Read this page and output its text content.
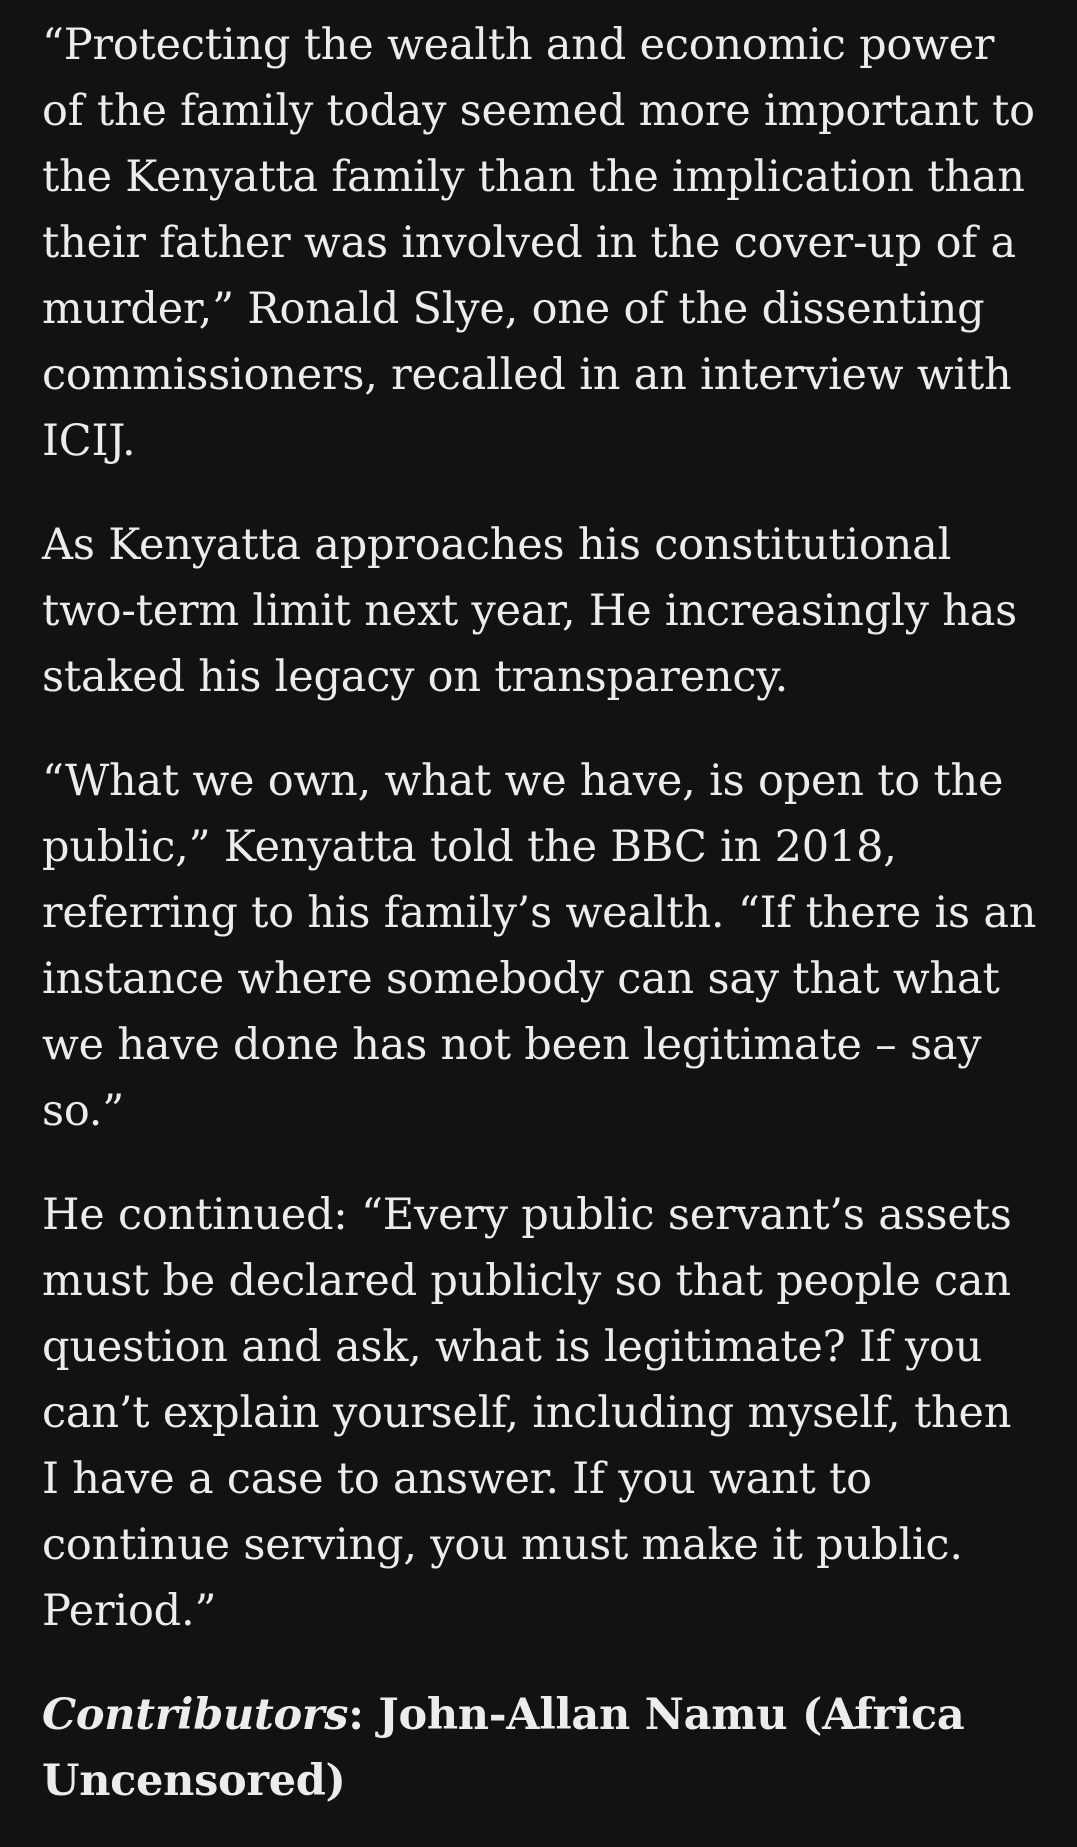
“Protecting the wealth and economic power of the family today seemed more important to the Kenyatta family than the implication than their father was involved in the cover-up of a murder,” Ronald Slye, one of the dissenting commissioners, recalled in an interview with ICIJ.

As Kenyatta approaches his constitutional two-term limit next year, He increasingly has staked his legacy on transparency.

“What we own, what we have, is open to the public,” Kenyatta told the BBC in 2018, referring to his family’s wealth. “If there is an instance where somebody can say that what we have done has not been legitimate – say so.”

He continued: “Every public servant’s assets must be declared publicly so that people can question and ask, what is legitimate? If you can’t explain yourself, including myself, then I have a case to answer. If you want to continue serving, you must make it public. Period.”

Contributors: John-Allan Namu (Africa Uncensored)
